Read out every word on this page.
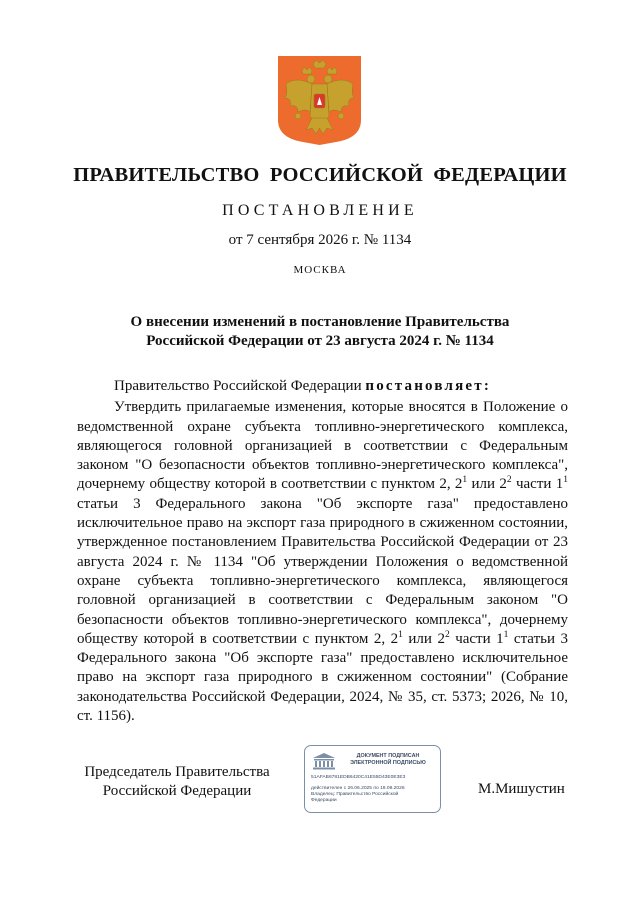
ПРАВИТЕЛЬСТВО РОССИЙСКОЙ ФЕДЕРАЦИИ
ПОСТАНОВЛЕНИЕ
от 7 сентября 2026 г. № 1134
МОСКВА
О внесении изменений в постановление Правительства
Российской Федерации от 23 августа 2024 г. № 1134

Правительство Российской Федерации постановляет:

Утвердить прилагаемые изменения, которые вносятся в Положение о ведомственной охране субъекта топливно-энергетического комплекса, являющегося головной организацией в соответствии с Федеральным законом "О безопасности объектов топливно-энергетического комплекса", дочернему обществу которой в соответствии с пунктом 2, $2^1$ или $2^2$ части $1^1$ статьи 3 Федерального закона "Об экспорте газа" предоставлено исключительное право на экспорт газа природного в сжиженном состоянии, утвержденное постановлением Правительства Российской Федерации от 23 августа 2024 г. № 1134 "Об утверждении Положения о ведомственной охране субъекта топливно-энергетического комплекса, являющегося головной организацией в соответствии с Федеральным законом "О безопасности объектов топливно-энергетического комплекса", дочернему обществу которой в соответствии с пунктом 2, $2^1$ или $2^2$ части $1^1$ статьи 3 Федерального закона "Об экспорте газа" предоставлено исключительное право на экспорт газа природного в сжиженном состоянии" (Собрание законодательства Российской Федерации, 2024, № 35, ст. 5373; 2026, № 10, ст. 1156).

Председатель Правительства
Российской Федерации
ДОКУМЕНТ ПОДПИСАН
ЭЛЕКТРОННОЙ ПОДПИСЬЮ
51AFAB6781EDB6420C41E55D43E0E3E3
действителен с 26.06.2025 по 19.09.2026
Владелец: Правительство Российской
Федерации
М.Мишустин
